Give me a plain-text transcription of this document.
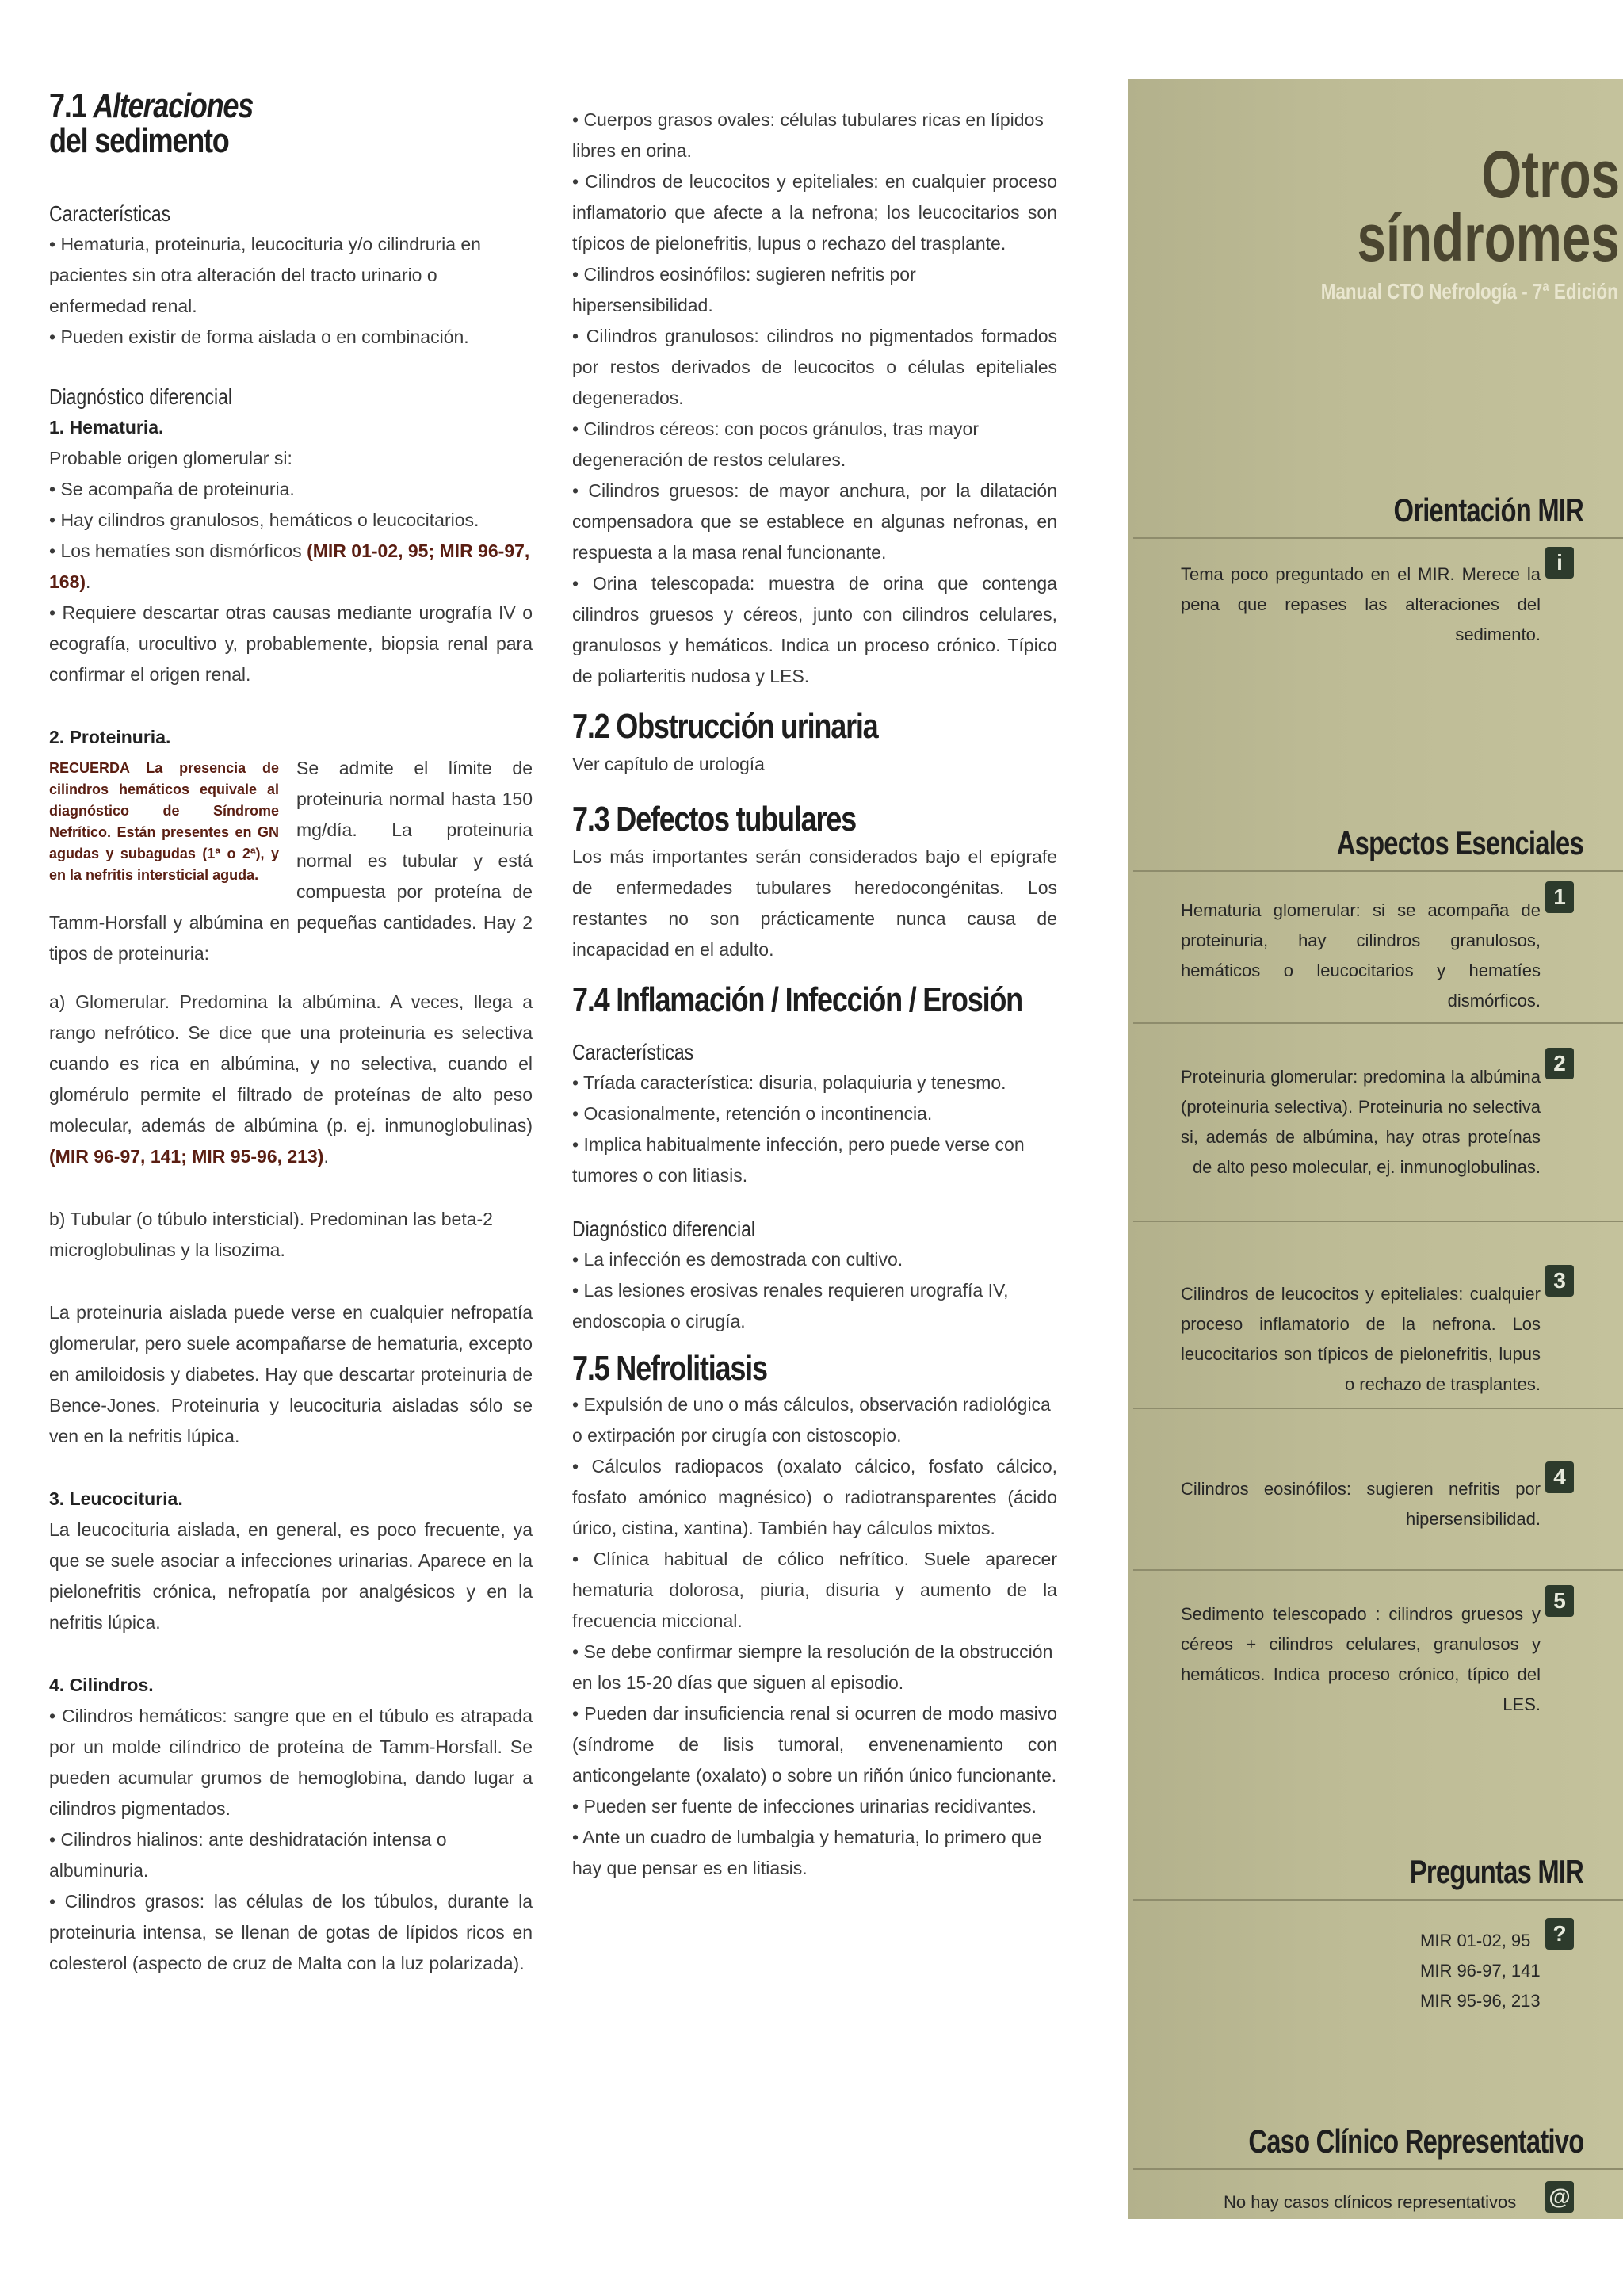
7.1 Alteraciones
del sedimento
Características

• Hematuria, proteinuria, leucocituria y/o cilindruria en pacientes sin otra alteración del tracto urinario o enfermedad renal.

• Pueden existir de forma aislada o en combinación.

Diagnóstico diferencial

1. Hematuria.

Probable origen glomerular si:

• Se acompaña de proteinuria.

• Hay cilindros granulosos, hemáticos o leucocitarios.

• Los hematíes son dismórficos (MIR 01-02, 95; MIR 96-97, 168).

• Requiere descartar otras causas mediante urografía IV o ecografía, urocultivo y, probablemente, biopsia renal para confirmar el origen renal.

2. Proteinuria.

RECUERDA La presencia de cilindros hemáticos equivale al diagnóstico de Síndrome Nefrítico. Están presentes en GN agudas y subagudas (1ª o 2ª), y en la nefritis intersticial aguda.
Se admite el límite de proteinuria normal hasta 150 mg/día. La proteinuria normal es tubular y está compuesta por proteína de Tamm-Horsfall y albúmina en pequeñas cantidades. Hay 2 tipos de proteinuria:

a) Glomerular. Predomina la albúmina. A veces, llega a rango nefrótico. Se dice que una proteinuria es selectiva cuando es rica en albúmina, y no selectiva, cuando el glomérulo permite el filtrado de proteínas de alto peso molecular, además de albúmina (p. ej. inmunoglobulinas) (MIR 96-97, 141; MIR 95-96, 213).

b) Tubular (o túbulo intersticial). Predominan las beta-2 microglobulinas y la lisozima.

La proteinuria aislada puede verse en cualquier nefropatía glomerular, pero suele acompañarse de hematuria, excepto en amiloidosis y diabetes. Hay que descartar proteinuria de Bence-Jones. Proteinuria y leucocituria aisladas sólo se ven en la nefritis lúpica.

3. Leucocituria.

La leucocituria aislada, en general, es poco frecuente, ya que se suele asociar a infecciones urinarias. Aparece en la pielonefritis crónica, nefropatía por analgésicos y en la nefritis lúpica.

4. Cilindros.

• Cilindros hemáticos: sangre que en el túbulo es atrapada por un molde cilíndrico de proteína de Tamm-Horsfall. Se pueden acumular grumos de hemoglobina, dando lugar a cilindros pigmentados.

• Cilindros hialinos: ante deshidratación intensa o albuminuria.

• Cilindros grasos: las células de los túbulos, durante la proteinuria intensa, se llenan de gotas de lípidos ricos en colesterol (aspecto de cruz de Malta con la luz polarizada).

• Cuerpos grasos ovales: células tubulares ricas en lípidos libres en orina.

• Cilindros de leucocitos y epiteliales: en cualquier proceso inflamatorio que afecte a la nefrona; los leucocitarios son típicos de pielonefritis, lupus o rechazo del trasplante.

• Cilindros eosinófilos: sugieren nefritis por hipersensibilidad.

• Cilindros granulosos: cilindros no pigmentados formados por restos derivados de leucocitos o células epiteliales degenerados.

• Cilindros céreos: con pocos gránulos, tras mayor degeneración de restos celulares.

• Cilindros gruesos: de mayor anchura, por la dilatación compensadora que se establece en algunas nefronas, en respuesta a la masa renal funcionante.

• Orina telescopada: muestra de orina que contenga cilindros gruesos y céreos, junto con cilindros celulares, granulosos y hemáticos. Indica un proceso crónico. Típico de poliarteritis nudosa y LES.

7.2 Obstrucción urinaria

Ver capítulo de urología

7.3 Defectos tubulares

Los más importantes serán considerados bajo el epígrafe de enfermedades tubulares heredocongénitas. Los restantes no son prácticamente nunca causa de incapacidad en el adulto.

7.4 Inflamación / Infección / Erosión
Características

• Tríada característica: disuria, polaquiuria y tenesmo.

• Ocasionalmente, retención o incontinencia.

• Implica habitualmente infección, pero puede verse con tumores o con litiasis.

Diagnóstico diferencial

• La infección es demostrada con cultivo.

• Las lesiones erosivas renales requieren urografía IV, endoscopia o cirugía.

7.5 Nefrolitiasis

• Expulsión de uno o más cálculos, observación radiológica o extirpación por cirugía con cistoscopio.

• Cálculos radiopacos (oxalato cálcico, fosfato cálcico, fosfato amónico magnésico) o radiotransparentes (ácido úrico, cistina, xantina). También hay cálculos mixtos.

• Clínica habitual de cólico nefrítico. Suele aparecer hematuria dolorosa, piuria, disuria y aumento de la frecuencia miccional.

• Se debe confirmar siempre la resolución de la obstrucción en los 15-20 días que siguen al episodio.

• Pueden dar insuficiencia renal si ocurren de modo masivo (síndrome de lisis tumoral, envenenamiento con anticongelante (oxalato) o sobre un riñón único funcionante.

• Pueden ser fuente de infecciones urinarias recidivantes.

• Ante un cuadro de lumbalgia y hematuria, lo primero que hay que pensar es en litiasis.

Otros
síndromes
Manual CTO Nefrología - 7ª Edición
Orientación MIR
Tema poco preguntado en el MIR. Merece la pena que repases las alteraciones del sedimento.
i
Aspectos Esenciales
Hematuria glomerular: si se acompaña de proteinuria, hay cilindros granulosos, hemáticos o leucocitarios y hematíes dismórficos.
1
Proteinuria glomerular: predomina la albúmina (proteinuria selectiva). Proteinuria no selectiva si, además de albúmina, hay otras proteínas de alto peso molecular, ej. inmunoglobulinas.
2
Cilindros de leucocitos y epiteliales: cualquier proceso inflamatorio de la nefrona. Los leucocitarios son típicos de pielonefritis, lupus o rechazo de trasplantes.
3
Cilindros eosinófilos: sugieren nefritis por hipersensibilidad.
4
Sedimento telescopado : cilindros gruesos y céreos + cilindros celulares, granulosos y hemáticos. Indica proceso crónico, típico del LES.
5
Preguntas MIR
?
MIR 01-02, 95
MIR 96-97, 141
MIR 95-96, 213
Caso Clínico Representativo
No hay casos clínicos representativos @
